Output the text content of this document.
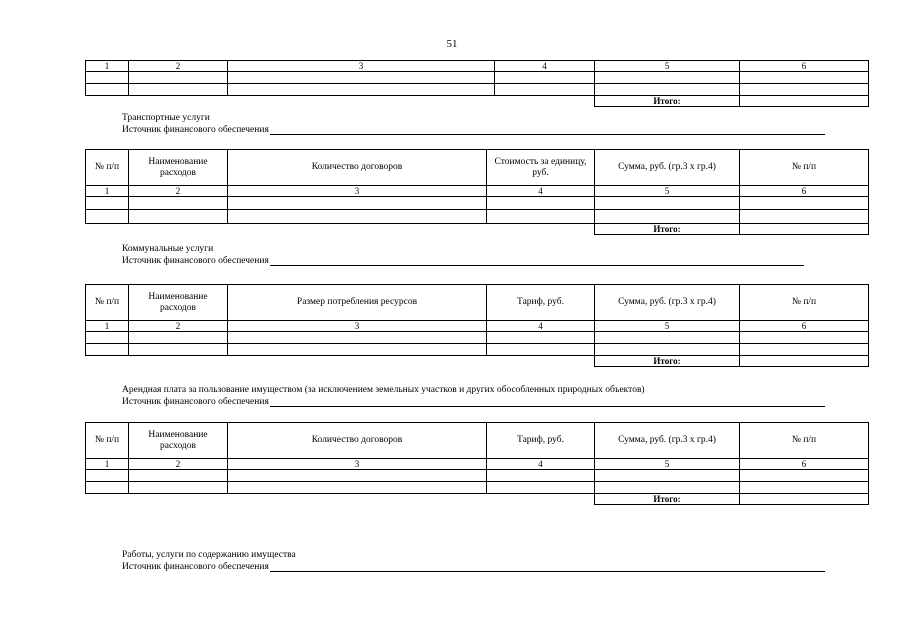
51
1	2	3	4	5	6

				Итого:	
Транспортные услуги
Источник финансового обеспечения
№ п/п	Наименование расходов	Количество договоров	Стоимость за единицу, руб.	Сумма, руб. (гр.3 х гр.4)	№ п/п
1	2	3	4	5	6

				Итого:	
Коммунальные услуги
Источник финансового обеспечения
№ п/п	Наименование расходов	Размер потребления ресурсов	Тариф, руб.	Сумма, руб. (гр.3 х гр.4)	№ п/п
1	2	3	4	5	6

				Итого:	
Арендная плата за пользование имуществом (за исключением земельных участков и других обособленных природных объектов)
Источник финансового обеспечения
№ п/п	Наименование расходов	Количество договоров	Тариф, руб.	Сумма, руб. (гр.3 х гр.4)	№ п/п
1	2	3	4	5	6

				Итого:	
Работы, услуги по содержанию имущества
Источник финансового обеспечения
